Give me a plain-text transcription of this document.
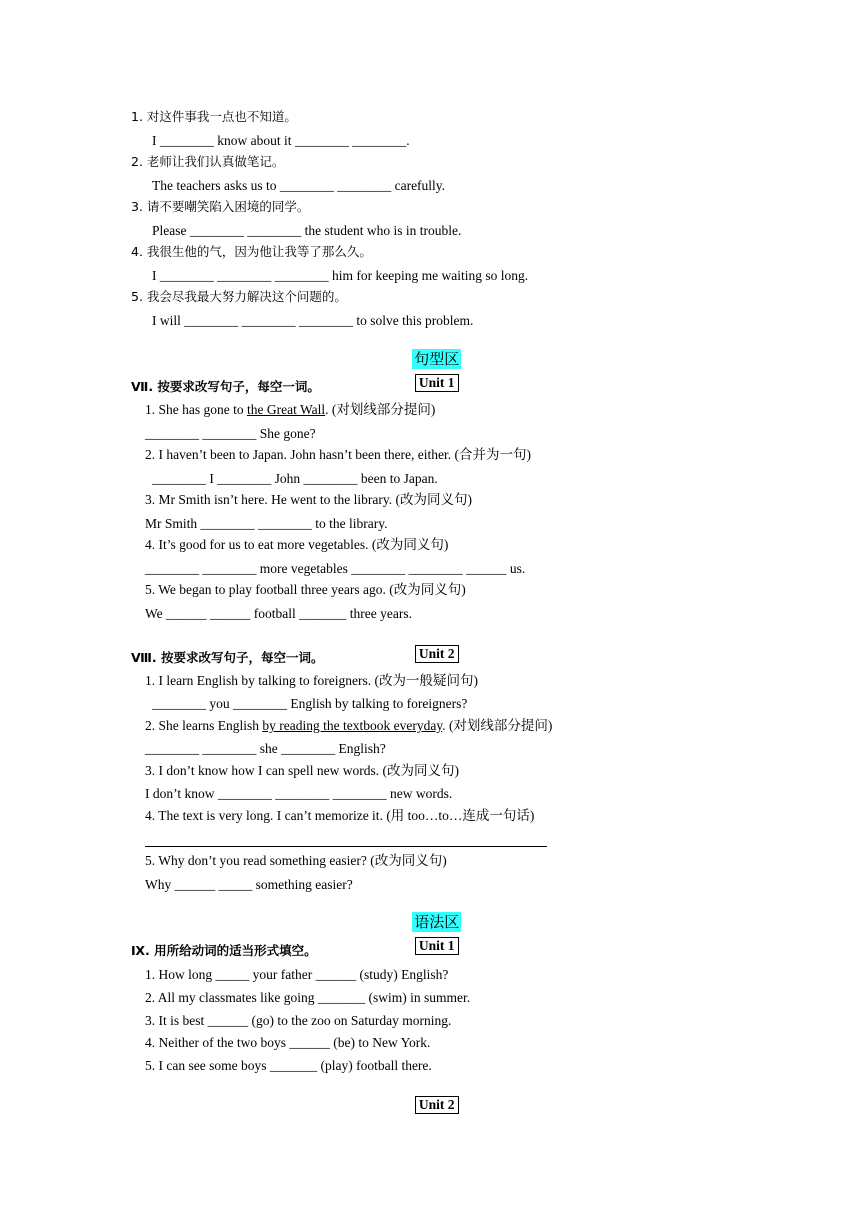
1. 对这件事我一点也不知道。
I ________ know about it ________ ________.
2. 老师让我们认真做笔记。
The teachers asks us to ________ ________ carefully.
3. 请不要嘲笑陷入困境的同学。
Please ________ ________ the student who is in trouble.
4. 我很生他的气，因为他让我等了那么久。
I ________ ________ ________ him for keeping me waiting so long.
5. 我会尽我最大努力解决这个问题的。
I will ________ ________ ________ to solve this problem.

句型区

Unit 1

Ⅶ. 按要求改写句子，每空一词。
1. She has gone to the Great Wall. (对划线部分提问)
________ ________ She gone?
2. I haven’t been to Japan. John hasn’t been there, either. (合并为一句)
________ I ________ John ________ been to Japan.
3. Mr Smith isn’t here. He went to the library. (改为同义句)
Mr Smith ________ ________ to the library.
4. It’s good for us to eat more vegetables. (改为同义句)
________ ________ more vegetables ________ ________ ______ us.
5. We began to play football three years ago. (改为同义句)
We ______ ______ football _______ three years.

Unit 2

Ⅷ. 按要求改写句子，每空一词。
1. I learn English by talking to foreigners. (改为一般疑问句)
________ you ________ English by talking to foreigners?
2. She learns English by reading the textbook everyday. (对划线部分提问)
________ ________ she ________ English?
3. I don’t know how I can spell new words. (改为同义句)
I don’t know ________ ________ ________ new words.
4. The text is very long. I can’t memorize it. (用 too…to…连成一句话)
5. Why don’t you read something easier? (改为同义句)
Why ______ _____ something easier?

语法区

Unit 1

Ⅸ. 用所给动词的适当形式填空。
1. How long _____ your father ______ (study) English?
2. All my classmates like going _______ (swim) in summer.
3. It is best ______ (go) to the zoo on Saturday morning.
4. Neither of the two boys ______ (be) to New York.
5. I can see some boys _______ (play) football there.

Unit 2
